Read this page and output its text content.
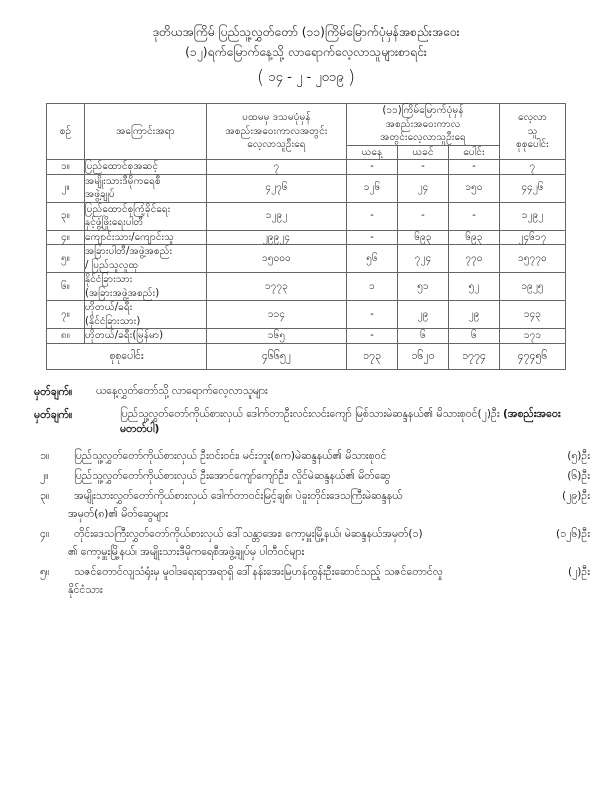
ဒုတိယအကြိမ် ပြည်သူ့လွှတ်တော် (၁၁)ကြိမ်မြောက်ပုံမှန်အစည်းအဝေး
(၁၂)ရက်မြောက်နေ့သို့ လာရောက်လေ့လာသူများစာရင်း
( ၁၄ - ၂ - ၂၀၁၉ )
စဉ်	အကြောင်းအရာ	
ပထမမှ ဒသမပုံမှန်
အစည်းအဝေးကာလအတွင်း
လေ့လာသူဦးရေ

(၁၁)ကြိမ်မြောက်ပုံမှန်
အစည်းအဝေးကာလ
အတွင်းလေ့လာသူဦးရေ

လေ့လာ
သူ
စုစုပေါင်း

			ယနေ့	ယခင်	ပေါင်း	
၁။	ပြည်ထောင်စုအဆင့်	၇	-	-	-	၇
၂။	အမျိုးသားဒီမိုကရေစီ
အဖွဲ့ချုပ်	၄၂၇၆	၁၂၆	၂၄	၁၅၀	၄၄၂၆
၃။	ပြည်ထောင်စုကြံ့ခိုင်ရေး
နှင့်ဖွံ့ဖြိုးရေးပါတီ	၁၂၉၂	-	-	-	၁၂၉၂
၄။	ကျောင်းသား/ကျောင်းသူ	၂၉၉၂၄	-	၆၉၃	၆၉၃	၂၄၆၁၇
၅။	အခြားပါတီ/အဖွဲ့အစည်း
/ ပြည်သူလူထု	၁၅၀၀၀	၅၆	၇၂၄	၇၇၀	၁၅၇၇၀
၆။	နိုင်ငံခြားသား
(အခြားအဖွဲ့အစည်း)	၁၇၇၃	၁	၅၁	၅၂	၁၉၂၅
၇။	ဟိုတယ်/ခရီး
(နိုင်ငံခြားသား)	၁၁၄	-	၂၉	၂၉	၁၄၃
၈။	ဟိုတယ်/ခရီး(မြန်မာ)	၁၆၅	-	၆	၆	၁၇၁
စုစုပေါင်း		၄၆၆၅၂	၁၇၃	၁၆၂၀	၁၇၇၄	၄၇၄၅၆
မှတ်ချက်။	ယနေ့လွှတ်တော်သို့ လာရောက်လေ့လာသူများ
မှတ်ချက်။	ပြည်သူ့လွှတ်တော်ကိုယ်စားလှယ် ဒေါက်တာဦးလင်းလင်းကျော် မြစ်သားမဲဆန္ဒနယ်၏ မိသားစုဝင်(၂)ဦး (အစည်းအဝေးမတတ်ပါ)
၁။	ပြည်သူ့လွှတ်တော်ကိုယ်စားလှယ် ဦးဝင်းဝင်း၊ မင်းဘူး(စက)မဲဆန္ဒနယ်၏ မိသားစုဝင်	(၅)ဦး
၂။	ပြည်သူ့လွှတ်တော်ကိုယ်စားလှယ် ဦးအောင်ကျော်ကျော်ဦး၊ လှိုင်မဲဆန္ဒနယ်၏ မိတ်ဆွေ	(၆)ဦး
၃။	အမျိုးသားလွှတ်တော်ကိုယ်စားလှယ် ဒေါက်တာဝင်းမြင့်ချစ်၊ ပဲခူးတိုင်းဒေသကြီးမဲဆန္ဒနယ်	(၂၉)ဦး
အမှတ်(၈)၏ မိတ်ဆွေများ
၄။	တိုင်းဒေသကြီးလွှတ်တော်ကိုယ်စားလှယ် ဒေါ်သန္တာအေး၊ ကော့မှူးမြို့နယ်၊ မဲဆန္ဒနယ်အမှတ်(၁)	(၁၂၆)ဦး
၏ ကော့မှူးမြို့နယ်၊ အမျိုးသားဒီမိုကရေစီအဖွဲ့ချုပ်မှ ပါတီဝင်များ
၅။	သဇင်တောင်လျသံရုံးမှ မူဝါဒရေးရာအရာရှိ ဒေါ်နန်းအေးမြဟန်ထွန်းဦးဆောင်သည့် သဇင်တောင်လှု	(၂)ဦး
နိုင်ငံသား
